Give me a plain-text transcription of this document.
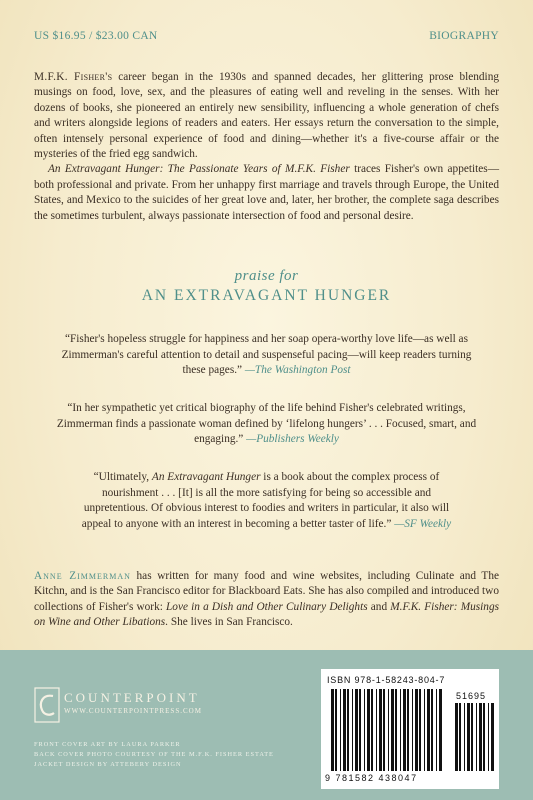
US $16.95 / $23.00 CAN	BIOGRAPHY

M.F.K. Fisher's career began in the 1930s and spanned decades, her glittering prose blending musings on food, love, sex, and the pleasures of eating well and reveling in the senses. With her dozens of books, she pioneered an entirely new sensibility, influencing a whole generation of chefs and writers alongside legions of readers and eaters. Her essays return the conversation to the simple, often intensely personal experience of food and dining—whether it's a five-course affair or the mysteries of the fried egg sandwich.

An Extravagant Hunger: The Passionate Years of M.F.K. Fisher traces Fisher's own appetites—both professional and private. From her unhappy first marriage and travels through Europe, the United States, and Mexico to the suicides of her great love and, later, her brother, the complete saga describes the sometimes turbulent, always passionate intersection of food and personal desire.

praise for
AN EXTRAVAGANT HUNGER
“Fisher's hopeless struggle for happiness and her soap opera-worthy love life—as well as Zimmerman's careful attention to detail and suspenseful pacing—will keep readers turning these pages.” —The Washington Post
“In her sympathetic yet critical biography of the life behind Fisher's celebrated writings, Zimmerman finds a passionate woman defined by ‘lifelong hungers’ . . . Focused, smart, and engaging.” —Publishers Weekly
“Ultimately, An Extravagant Hunger is a book about the complex process of nourishment . . . [It] is all the more satisfying for being so accessible and unpretentious. Of obvious interest to foodies and writers in particular, it also will appeal to anyone with an interest in becoming a better taster of life.” —SF Weekly
Anne Zimmerman has written for many food and wine websites, including Culinate and The Kitchn, and is the San Francisco editor for Blackboard Eats. She has also compiled and introduced two collections of Fisher's work: Love in a Dish and Other Culinary Delights and M.F.K. Fisher: Musings on Wine and Other Libations. She lives in San Francisco.
COUNTERPOINT
WWW.COUNTERPOINTPRESS.COM
FRONT COVER ART BY LAURA PARKER
BACK COVER PHOTO COURTESY OF THE M.F.K. FISHER ESTATE
JACKET DESIGN BY ATTEBERY DESIGN
ISBN 978-1-58243-804-7
51695
9 781582 438047
